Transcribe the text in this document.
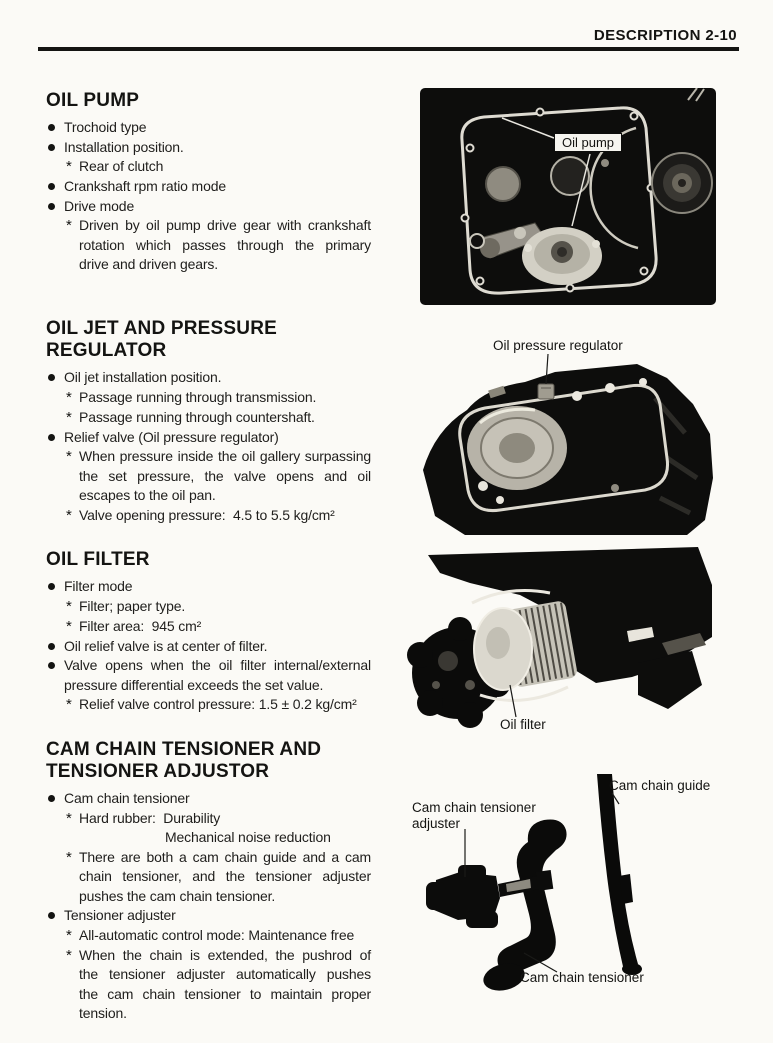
DESCRIPTION 2-10
OIL PUMP
Trochoid type
Installation position.
* Rear of clutch
Crankshaft rpm ratio mode
Drive mode
* Driven by oil pump drive gear with crankshaft
rotation which passes through the primary
drive and driven gears.
OIL JET AND PRESSURE
REGULATOR
Oil jet installation position.
* Passage running through transmission.
* Passage running through countershaft.
Relief valve (Oil pressure regulator)
* When pressure inside the oil gallery surpassing
the set pressure, the valve opens and oil
escapes to the oil pan.
* Valve opening pressure:  4.5 to 5.5 kg/cm²
OIL FILTER
Filter mode
* Filter; paper type.
* Filter area:  945 cm²
Oil relief valve is at center of filter.
Valve opens when the oil filter internal/external
pressure differential exceeds the set value.
* Relief valve control pressure: 1.5 ± 0.2 kg/cm²
CAM CHAIN TENSIONER AND
TENSIONER ADJUSTOR
Cam chain tensioner
* Hard rubber:  Durability
Mechanical noise reduction
* There are both a cam chain guide and a cam
chain tensioner, and the tensioner adjuster
pushes the cam chain tensioner.
Tensioner adjuster
* All-automatic control mode: Maintenance free
* When the chain is extended, the pushrod of
the tensioner adjuster automatically pushes
the cam chain tensioner to maintain proper
tension.
Oil pump
Oil pressure regulator
Oil filter
Cam chain tensioner adjuster
Cam chain guide
Cam chain tensioner
